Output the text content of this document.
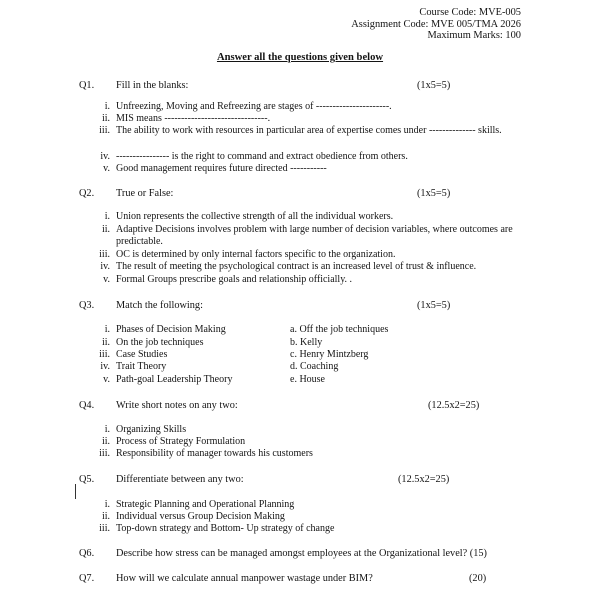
Course Code: MVE-005
Assignment Code: MVE 005/TMA 2026
Maximum Marks: 100
Answer all the questions given below
Q1. Fill in the blanks:	(1x5=5)
i. Unfreezing, Moving and Refreezing are stages of ----------------------.
ii. MIS means -------------------------------.
iii. The ability to work with resources in particular area of expertise comes under -------------- skills.
iv. ---------------- is the right to command and extract obedience from others.
v. Good management requires future directed -----------
Q2. True or False:	(1x5=5)
i. Union represents the collective strength of all the individual workers.
ii. Adaptive Decisions involves problem with large number of decision variables, where outcomes are predictable.
iii. OC is determined by only internal factors specific to the organization.
iv. The result of meeting the psychological contract is an increased level of trust & influence.
v. Formal Groups prescribe goals and relationship officially. .
Q3. Match the following:	(1x5=5)
i. Phases of Decision Making	a. Off the job techniques
ii. On the job techniques	b. Kelly
iii. Case Studies	c. Henry Mintzberg
iv. Trait Theory	d. Coaching
v. Path-goal Leadership Theory	e. House
Q4. Write short notes on any two:	(12.5x2=25)
i. Organizing Skills
ii. Process of Strategy Formulation
iii. Responsibility of manager towards his customers
Q5. Differentiate between any two:	(12.5x2=25)
i. Strategic Planning and Operational Planning
ii. Individual versus Group Decision Making
iii. Top-down strategy and Bottom- Up strategy of change
Q6. Describe how stress can be managed amongst employees at the Organizational level? (15)
Q7. How will we calculate annual manpower wastage under BIM?	(20)
